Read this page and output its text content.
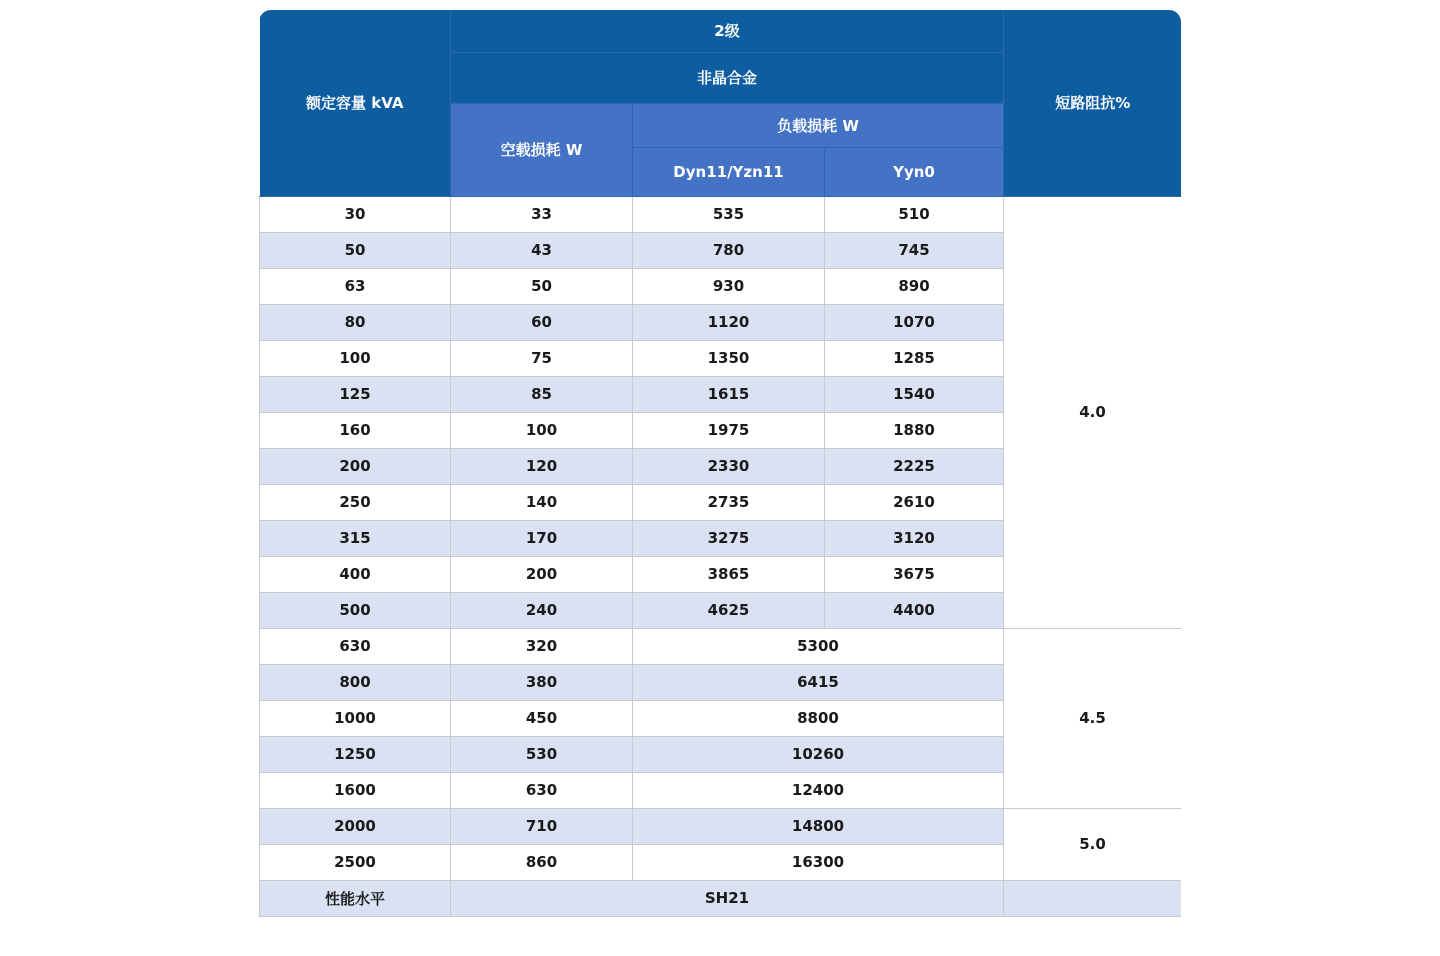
额定容量 kVA	2级			短路阻抗%
	非晶合金			
	空载损耗 W	负载损耗 W		
		Dyn11/Yzn11	Yyn0	
30	33	535	510	4.0
50	43	780	745	
63	50	930	890	
80	60	1120	1070	
100	75	1350	1285	
125	85	1615	1540	
160	100	1975	1880	
200	120	2330	2225	
250	140	2735	2610	
315	170	3275	3120	
400	200	3865	3675	
500	240	4625	4400	
630	320	5300		4.5
800	380	6415		
1000	450	8800		
1250	530	10260		
1600	630	12400		
2000	710	14800		5.0
2500	860	16300		
性能水平	SH21			
